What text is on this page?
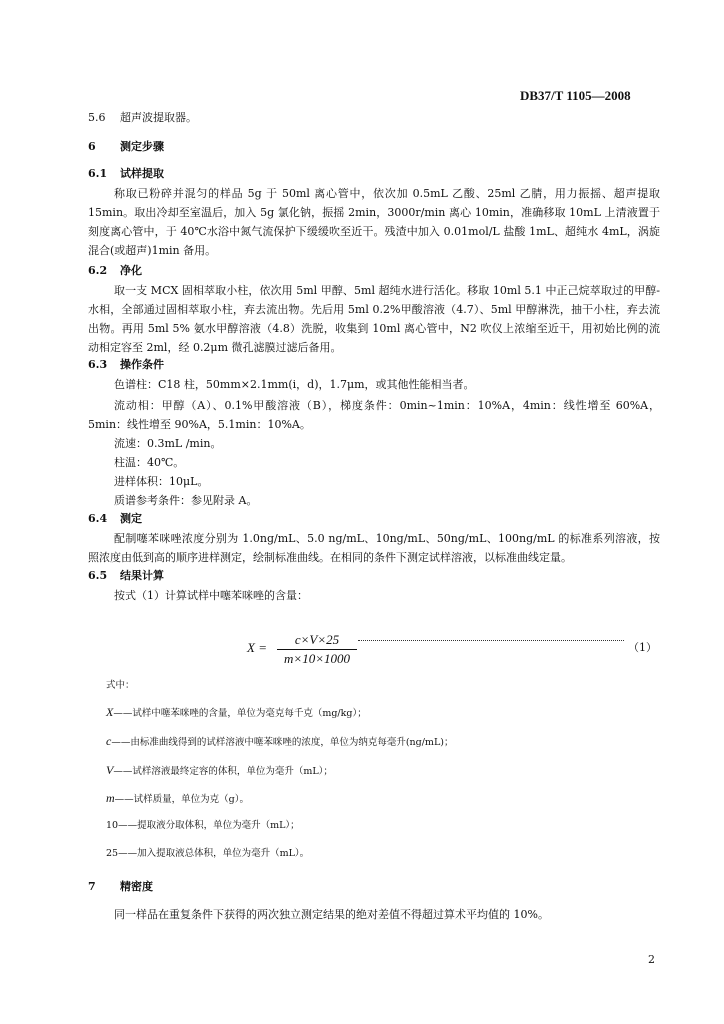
DB37/T 1105—2008
5.6 超声波提取器。
6 测定步骤
6.1 试样提取
称取已粉碎并混匀的样品 5g 于 50ml 离心管中，依次加 0.5mL 乙酸、25ml 乙腈，用力振摇、超声提取 15min。取出冷却至室温后，加入 5g 氯化钠，振摇 2min，3000r/min 离心 10min，准确移取 10mL 上清液置于刻度离心管中，于 40℃水浴中氮气流保护下缓缓吹至近干。残渣中加入 0.01mol/L 盐酸 1mL、超纯水 4mL，涡旋混合(或超声)1min 备用。
6.2 净化
取一支 MCX 固相萃取小柱，依次用 5ml 甲醇、5ml 超纯水进行活化。移取 10ml 5.1 中正己烷萃取过的甲醇-水相，全部通过固相萃取小柱，弃去流出物。先后用 5ml 0.2%甲酸溶液（4.7）、5ml 甲醇淋洗，抽干小柱，弃去流出物。再用 5ml 5% 氨水甲醇溶液（4.8）洗脱，收集到 10ml 离心管中，N2 吹仪上浓缩至近干，用初始比例的流动相定容至 2ml，经 0.2μm 微孔滤膜过滤后备用。
6.3 操作条件
色谱柱：C18 柱，50mm×2.1mm(i，d)，1.7μm，或其他性能相当者。
流动相：甲醇（A）、0.1%甲酸溶液（B），梯度条件：0min~1min：10%A，4min：线性增至 60%A，5min：线性增至 90%A，5.1min：10%A。
流速：0.3mL /min。
柱温：40℃。
进样体积：10μL。
质谱参考条件：参见附录 A。
6.4 测定
配制噻苯咪唑浓度分别为 1.0ng/mL、5.0 ng/mL、10ng/mL、50ng/mL、100ng/mL 的标准系列溶液，按照浓度由低到高的顺序进样测定，绘制标准曲线。在相同的条件下测定试样溶液，以标准曲线定量。
6.5 结果计算
按式（1）计算试样中噻苯咪唑的含量：
$X = \frac{c\times V\times 25}{m\times 10\times 1000}$	（1）
式中：
X——试样中噻苯咪唑的含量，单位为毫克每千克（mg/kg）；
c——由标准曲线得到的试样溶液中噻苯咪唑的浓度，单位为纳克每毫升(ng/mL)；
V——试样溶液最终定容的体积，单位为毫升（mL）；
m——试样质量，单位为克（g）。
10——提取液分取体积，单位为毫升（mL）；
25——加入提取液总体积，单位为毫升（mL）。
7 精密度
同一样品在重复条件下获得的两次独立测定结果的绝对差值不得超过算术平均值的 10%。
2
